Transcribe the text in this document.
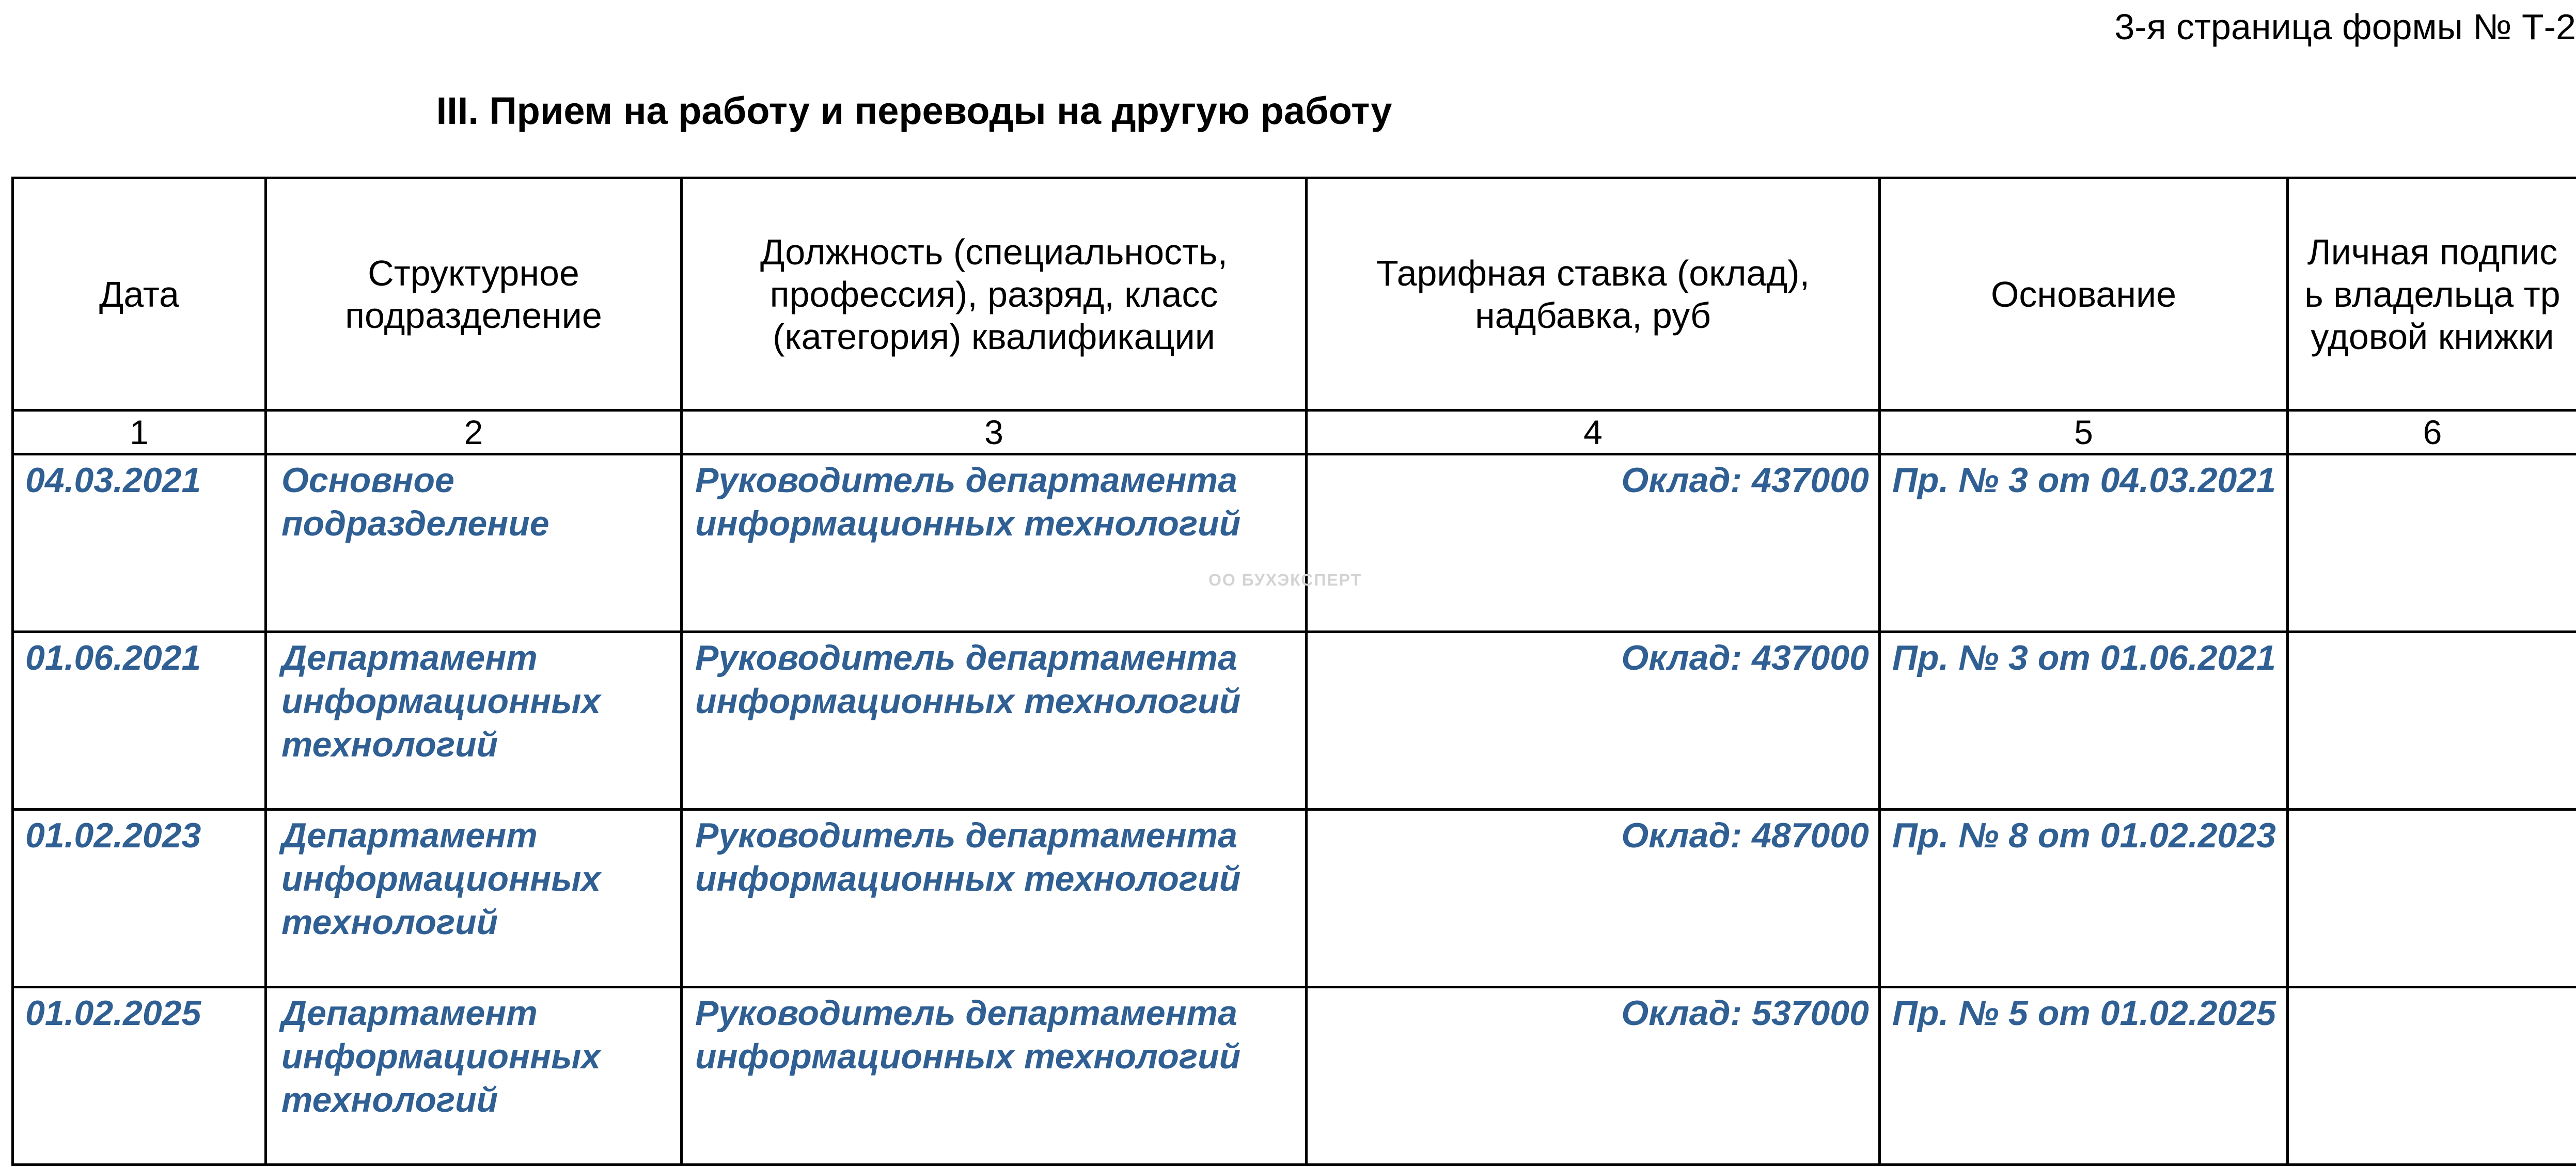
3-я страница формы № Т-2
III. Прием на работу и переводы на другую работу
Дата	Структурное подразделение	Должность (специальность, профессия), разряд, класс (категория) квалификации	Тарифная ставка (оклад), надбавка, руб	Основание	Личная подпись владельца трудовой книжки
1	2	3	4	5	6
04.03.2021	Основное подразделение	Руководитель департамента информационных технологий	Оклад: 437000	Пр. № 3 от 04.03.2021	
01.06.2021	Департамент информационных технологий	Руководитель департамента информационных технологий	Оклад: 437000	Пр. № 3 от 01.06.2021	
01.02.2023	Департамент информационных технологий	Руководитель департамента информационных технологий	Оклад: 487000	Пр. № 8 от 01.02.2023	
01.02.2025	Департамент информационных технологий	Руководитель департамента информационных технологий	Оклад: 537000	Пр. № 5 от 01.02.2025	
ОО БУХЭКСПЕРТ
